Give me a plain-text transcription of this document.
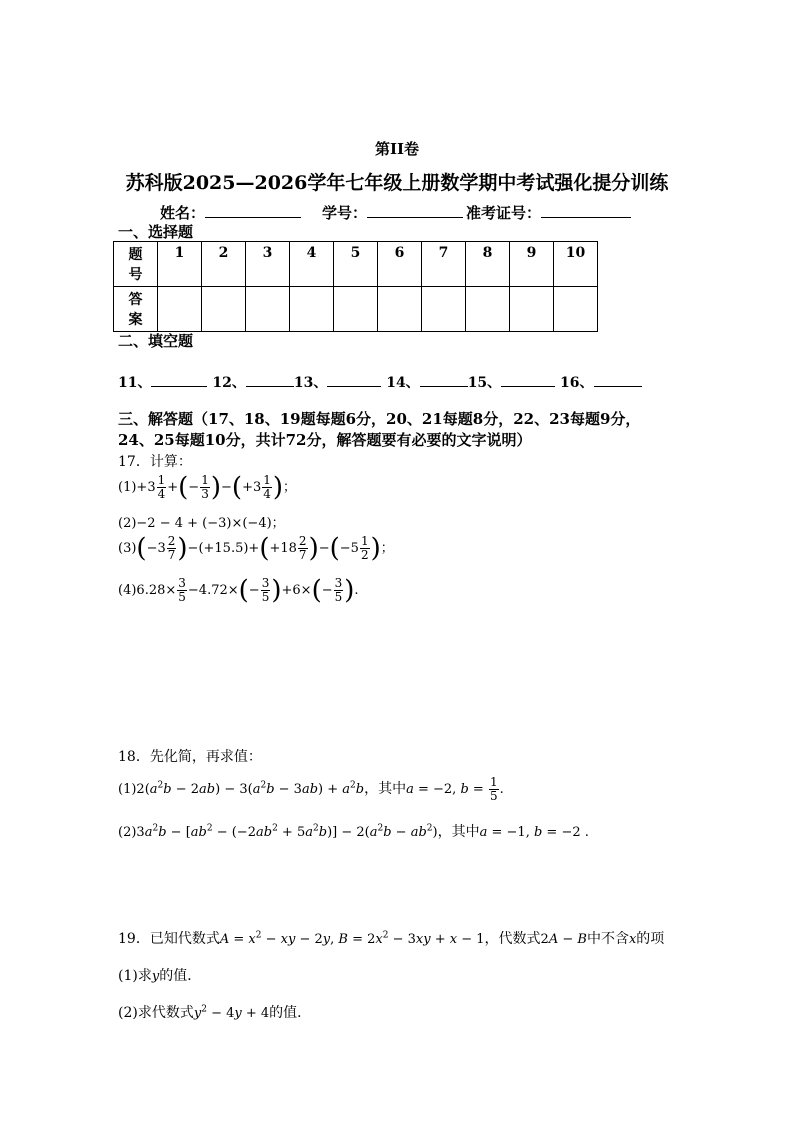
第II卷
苏科版2025—2026学年七年级上册数学期中考试强化提分训练
姓名：	学号：	准考证号：
一、选择题
题
号	1	2	3	4	5	6	7	8	9	10

答
案										

二、填空题
11、	12、	13、	14、	15、	16、
三、解答题（17、18、19题每题6分，20、21每题8分，22、23每题9分，
24、25每题10分，共计72分，解答题要有必要的文字说明）
17．计算：
$(1)+3 \frac{1}{4}$ +(− $\frac{1}{3} )-(+3 \frac{1}{4}$ )；
(2)−2 − 4 + (−3)×(−4)；
$(3)(-3 \frac{2}{7} )-(+15.5)+(+18 \frac{2}{7} )-(-5 \frac{1}{2}$ )；
$(4)6.28\times \frac{3}{5} -4.72\times(- \frac{3}{5} )+6\times(- \frac{3}{5}$ ).
18．先化简，再求值：
$(1)2(a^2b - 2ab) - 3(a^2b - 3ab) + a^2b$，其中a = −2, $b = \frac{1}{5}$ .
$(2)3a^2b - [ab^2 - (-2ab^2 + 5a^2b)] - 2(a^2b - ab^2)$，其中a = −1, b = −2 .
19．已知代数式$A = x^2$ − xy − 2y, $B = 2x^2 - 3xy + x - 1$，代数式2A − B中不含x的项
(1)求y的值．
(2)求代数式$y^2 - 4y + 4$的值．
